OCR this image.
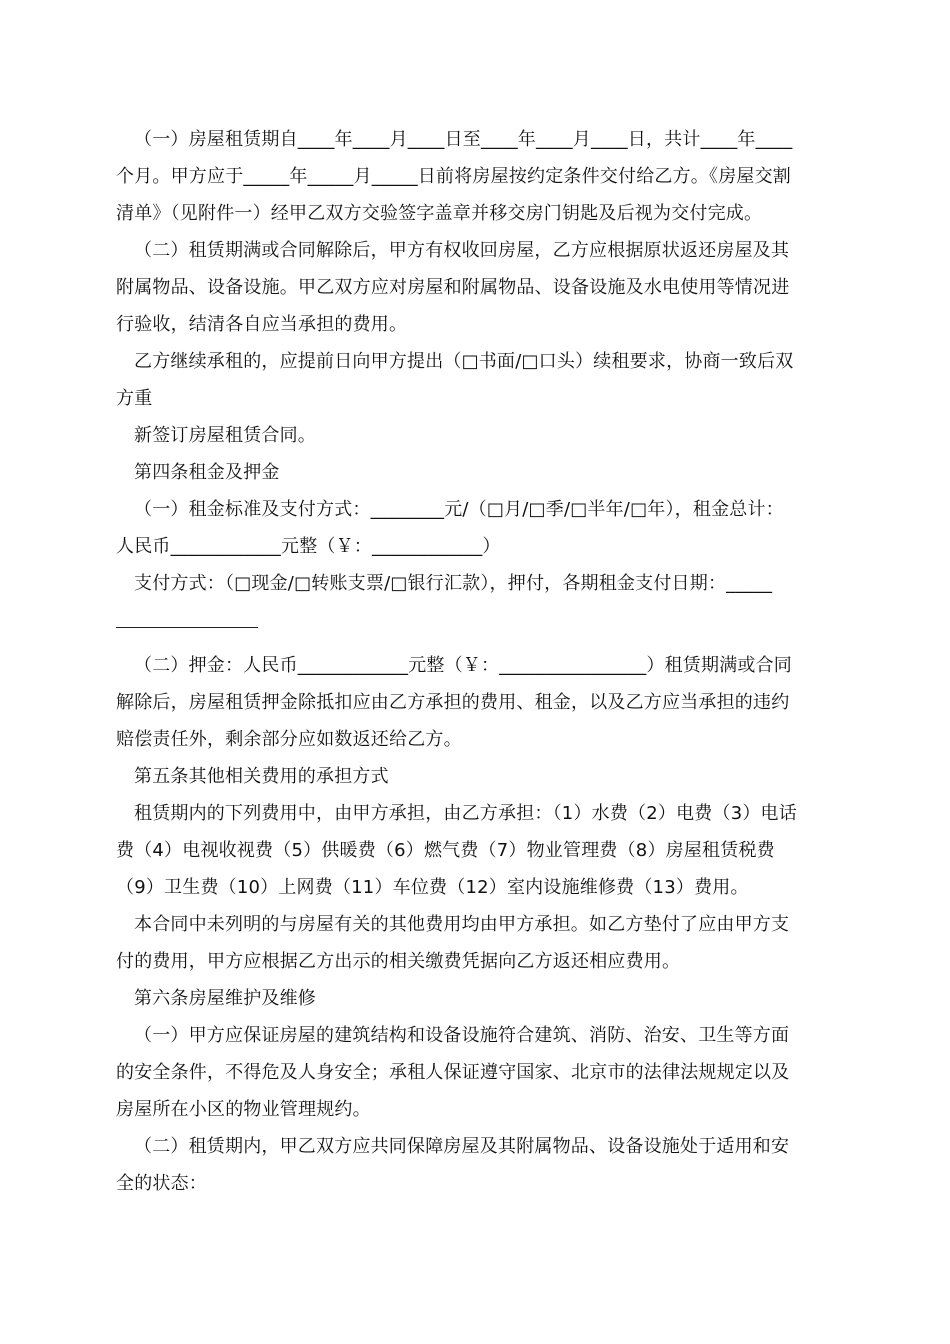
（一）房屋租赁期自____年____月____日至____年____月____日，共计____年____
个月。甲方应于_____年_____月_____日前将房屋按约定条件交付给乙方。《房屋交割
清单》（见附件一）经甲乙双方交验签字盖章并移交房门钥匙及后视为交付完成。
（二）租赁期满或合同解除后，甲方有权收回房屋，乙方应根据原状返还房屋及其
附属物品、设备设施。甲乙双方应对房屋和附属物品、设备设施及水电使用等情况进
行验收，结清各自应当承担的费用。
乙方继续承租的，应提前日向甲方提出（□书面/□口头）续租要求，协商一致后双
方重
新签订房屋租赁合同。
第四条租金及押金
（一）租金标准及支付方式：________元/（□月/□季/□半年/□年），租金总计：
人民币____________元整（￥：____________）
支付方式：（□现金/□转账支票/□银行汇款），押付，各期租金支付日期：_____
（二）押金：人民币____________元整（￥：________________）租赁期满或合同
解除后，房屋租赁押金除抵扣应由乙方承担的费用、租金，以及乙方应当承担的违约
赔偿责任外，剩余部分应如数返还给乙方。
第五条其他相关费用的承担方式
租赁期内的下列费用中，由甲方承担，由乙方承担：（1）水费（2）电费（3）电话
费（4）电视收视费（5）供暖费（6）燃气费（7）物业管理费（8）房屋租赁税费
（9）卫生费（10）上网费（11）车位费（12）室内设施维修费（13）费用。
本合同中未列明的与房屋有关的其他费用均由甲方承担。如乙方垫付了应由甲方支
付的费用，甲方应根据乙方出示的相关缴费凭据向乙方返还相应费用。
第六条房屋维护及维修
（一）甲方应保证房屋的建筑结构和设备设施符合建筑、消防、治安、卫生等方面
的安全条件，不得危及人身安全；承租人保证遵守国家、北京市的法律法规规定以及
房屋所在小区的物业管理规约。
（二）租赁期内，甲乙双方应共同保障房屋及其附属物品、设备设施处于适用和安
全的状态：
